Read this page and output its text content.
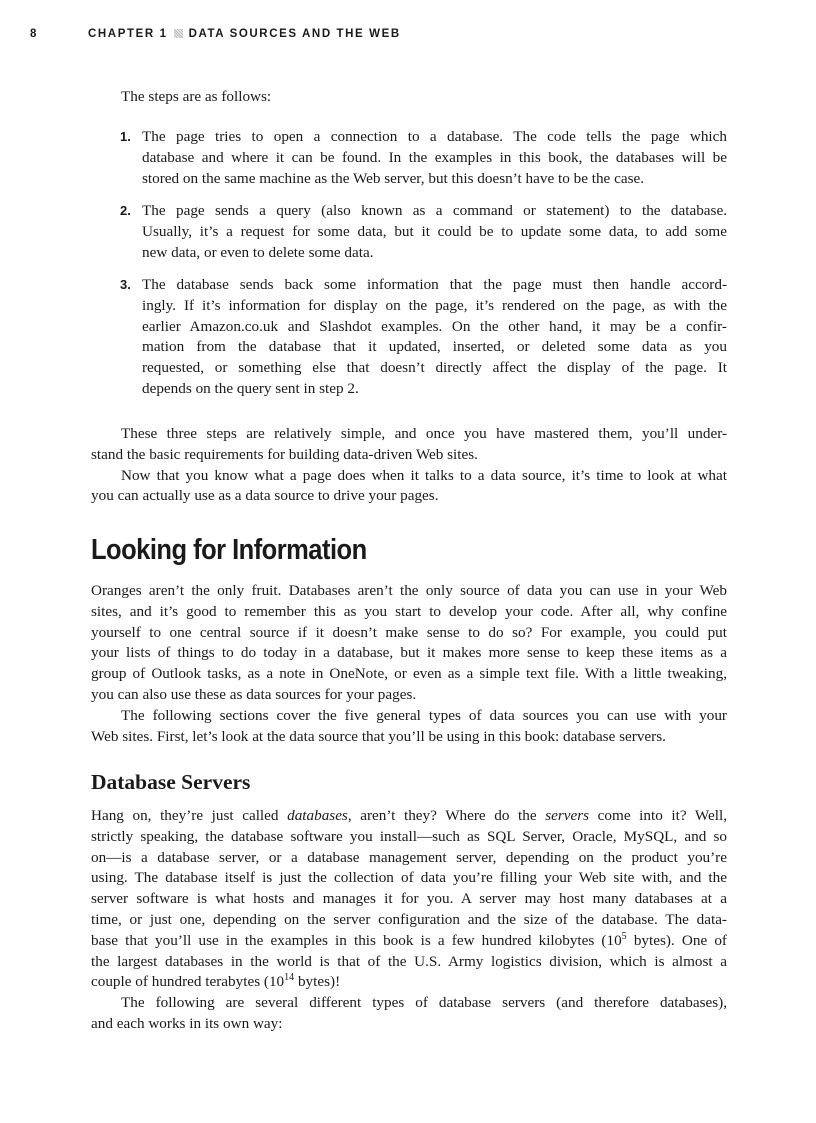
8	CHAPTER 1 DATA SOURCES AND THE WEB
The steps are as follows:
1. The page tries to open a connection to a database. The code tells the page which
database and where it can be found. In the examples in this book, the databases will be
stored on the same machine as the Web server, but this doesn’t have to be the case.
2. The page sends a query (also known as a command or statement) to the database.
Usually, it’s a request for some data, but it could be to update some data, to add some
new data, or even to delete some data.
3. The database sends back some information that the page must then handle accord-
ingly. If it’s information for display on the page, it’s rendered on the page, as with the
earlier Amazon.co.uk and Slashdot examples. On the other hand, it may be a confir-
mation from the database that it updated, inserted, or deleted some data as you
requested, or something else that doesn’t directly affect the display of the page. It
depends on the query sent in step 2.
These three steps are relatively simple, and once you have mastered them, you’ll under-
stand the basic requirements for building data-driven Web sites.
Now that you know what a page does when it talks to a data source, it’s time to look at what
you can actually use as a data source to drive your pages.
Looking for Information
Oranges aren’t the only fruit. Databases aren’t the only source of data you can use in your Web
sites, and it’s good to remember this as you start to develop your code. After all, why confine
yourself to one central source if it doesn’t make sense to do so? For example, you could put
your lists of things to do today in a database, but it makes more sense to keep these items as a
group of Outlook tasks, as a note in OneNote, or even as a simple text file. With a little tweaking,
you can also use these as data sources for your pages.
The following sections cover the five general types of data sources you can use with your
Web sites. First, let’s look at the data source that you’ll be using in this book: database servers.
Database Servers
Hang on, they’re just called databases, aren’t they? Where do the servers come into it? Well,
strictly speaking, the database software you install—such as SQL Server, Oracle, MySQL, and so
on—is a database server, or a database management server, depending on the product you’re
using. The database itself is just the collection of data you’re filling your Web site with, and the
server software is what hosts and manages it for you. A server may host many databases at a
time, or just one, depending on the server configuration and the size of the database. The data-
base that you’ll use in the examples in this book is a few hundred kilobytes ($10^5$ bytes). One of
the largest databases in the world is that of the U.S. Army logistics division, which is almost a
couple of hundred terabytes ($10^{14}$ bytes)!
The following are several different types of database servers (and therefore databases),
and each works in its own way:
